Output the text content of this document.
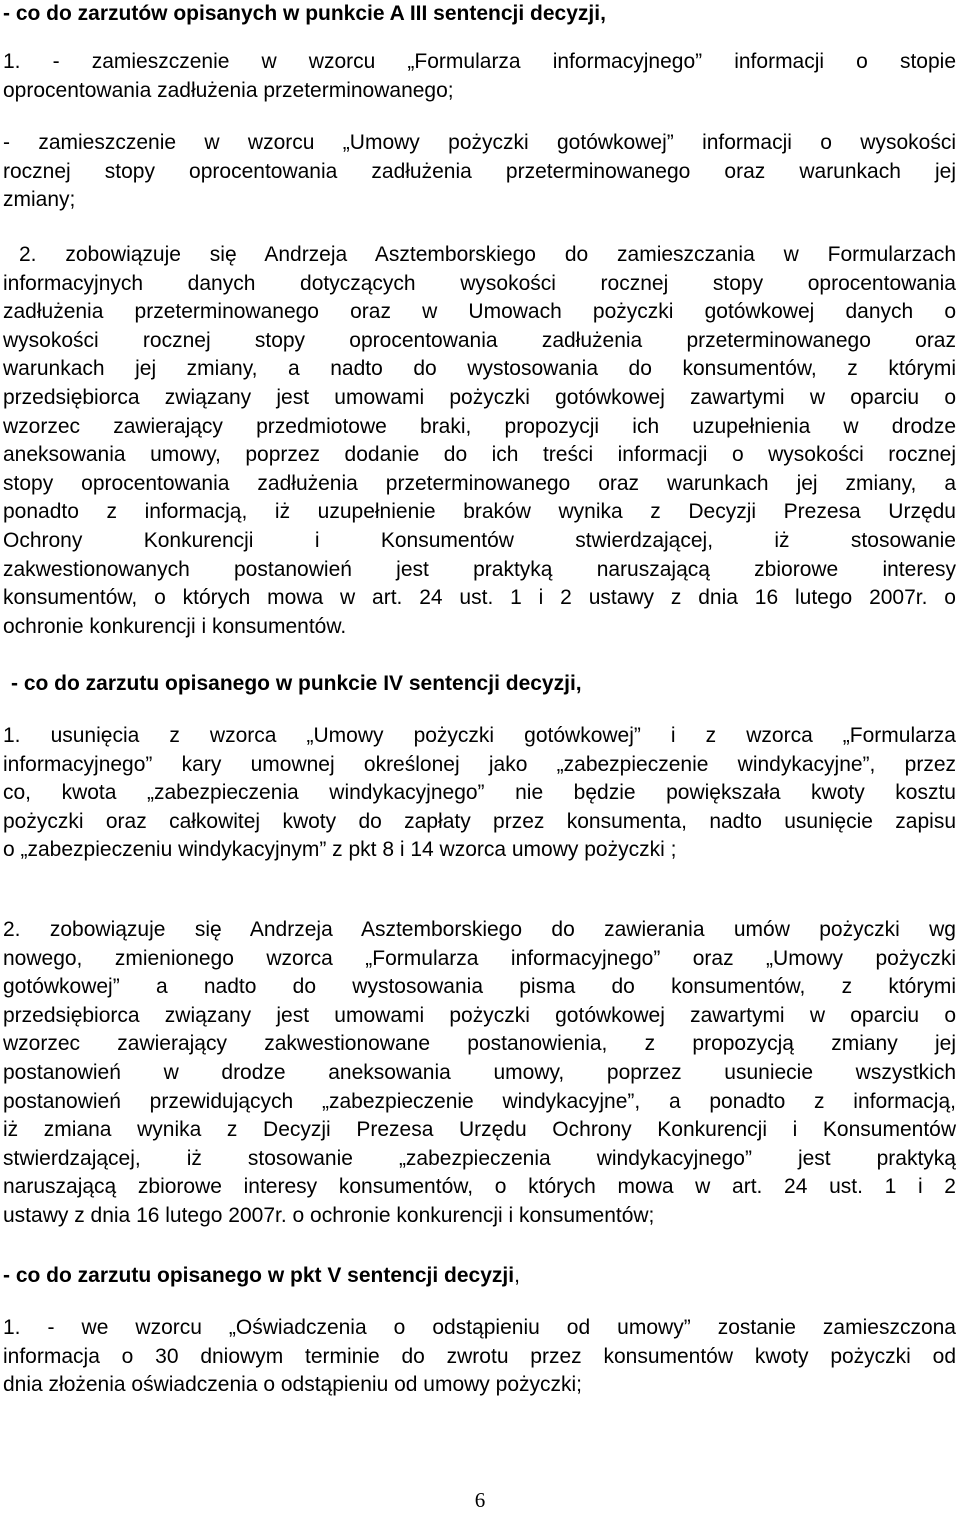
- co do zarzutów opisanych w punkcie A III sentencji decyzji,
1. - zamieszczenie w wzorcu „Formularza informacyjnego” informacji o stopie
oprocentowania zadłużenia przeterminowanego;
- zamieszczenie w wzorcu „Umowy pożyczki gotówkowej” informacji o wysokości
rocznej stopy oprocentowania zadłużenia przeterminowanego oraz warunkach jej
zmiany;
2. zobowiązuje się Andrzeja Asztemborskiego do zamieszczania w Formularzach
informacyjnych danych dotyczących wysokości rocznej stopy oprocentowania
zadłużenia przeterminowanego oraz w Umowach pożyczki gotówkowej danych o
wysokości rocznej stopy oprocentowania zadłużenia przeterminowanego oraz
warunkach jej zmiany, a nadto do wystosowania do konsumentów, z którymi
przedsiębiorca związany jest umowami pożyczki gotówkowej zawartymi w oparciu o
wzorzec zawierający przedmiotowe braki, propozycji ich uzupełnienia w drodze
aneksowania umowy, poprzez dodanie do ich treści informacji o wysokości rocznej
stopy oprocentowania zadłużenia przeterminowanego oraz warunkach jej zmiany, a
ponadto z informacją, iż uzupełnienie braków wynika z Decyzji Prezesa Urzędu
Ochrony Konkurencji i Konsumentów stwierdzającej, iż stosowanie
zakwestionowanych postanowień jest praktyką naruszającą zbiorowe interesy
konsumentów, o których mowa w art. 24 ust. 1 i 2 ustawy z dnia 16 lutego 2007r. o
ochronie konkurencji i konsumentów.
- co do zarzutu opisanego w punkcie IV sentencji decyzji,
1. usunięcia z wzorca „Umowy pożyczki gotówkowej” i z wzorca „Formularza
informacyjnego” kary umownej określonej jako „zabezpieczenie windykacyjne”, przez
co, kwota „zabezpieczenia windykacyjnego” nie będzie powiększała kwoty kosztu
pożyczki oraz całkowitej kwoty do zapłaty przez konsumenta, nadto usunięcie zapisu
o „zabezpieczeniu windykacyjnym” z pkt 8 i 14 wzorca umowy pożyczki ;
2. zobowiązuje się Andrzeja Asztemborskiego do zawierania umów pożyczki wg
nowego, zmienionego wzorca „Formularza informacyjnego” oraz „Umowy pożyczki
gotówkowej” a nadto do wystosowania pisma do konsumentów, z którymi
przedsiębiorca związany jest umowami pożyczki gotówkowej zawartymi w oparciu o
wzorzec zawierający zakwestionowane postanowienia, z propozycją zmiany jej
postanowień w drodze aneksowania umowy, poprzez usuniecie wszystkich
postanowień przewidujących „zabezpieczenie windykacyjne”, a ponadto z informacją,
iż zmiana wynika z Decyzji Prezesa Urzędu Ochrony Konkurencji i Konsumentów
stwierdzającej, iż stosowanie „zabezpieczenia windykacyjnego” jest praktyką
naruszającą zbiorowe interesy konsumentów, o których mowa w art. 24 ust. 1 i 2
ustawy z dnia 16 lutego 2007r. o ochronie konkurencji i konsumentów;
- co do zarzutu opisanego w pkt V sentencji decyzji,
1. - we wzorcu „Oświadczenia o odstąpieniu od umowy” zostanie zamieszczona
informacja o 30 dniowym terminie do zwrotu przez konsumentów kwoty pożyczki od
dnia złożenia oświadczenia o odstąpieniu od umowy pożyczki;
6
